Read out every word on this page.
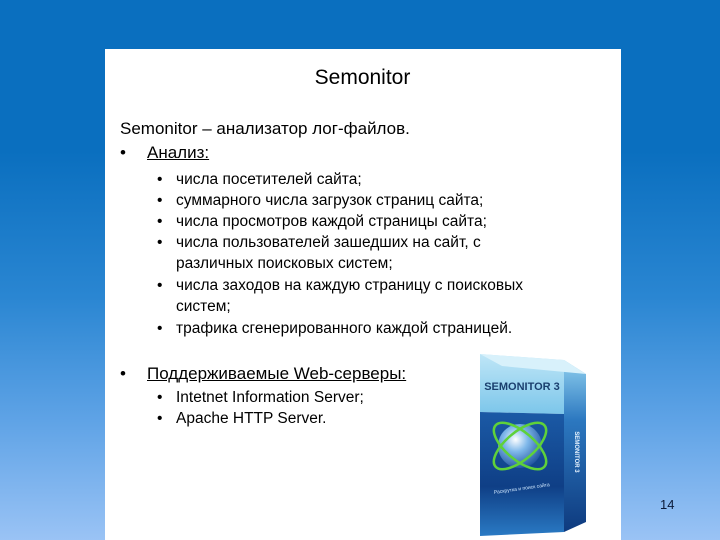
Semonitor
Semonitor – анализатор лог-файлов.
• Анализ:
• числа посетителей сайта;
• суммарного числа загрузок страниц сайта;
• числа просмотров каждой страницы сайта;
• числа пользователей зашедших на сайт, с
различных поисковых систем;
• числа заходов на каждую страницу с поисковых
систем;
• трафика сгенерированного каждой страницей.
• Поддерживаемые Web-серверы:
• Intetnet Information Server;
• Apache HTTP Server.
SEMONITOR 3
Раскрутка и поиск сайта
SEMONITOR 3
14
